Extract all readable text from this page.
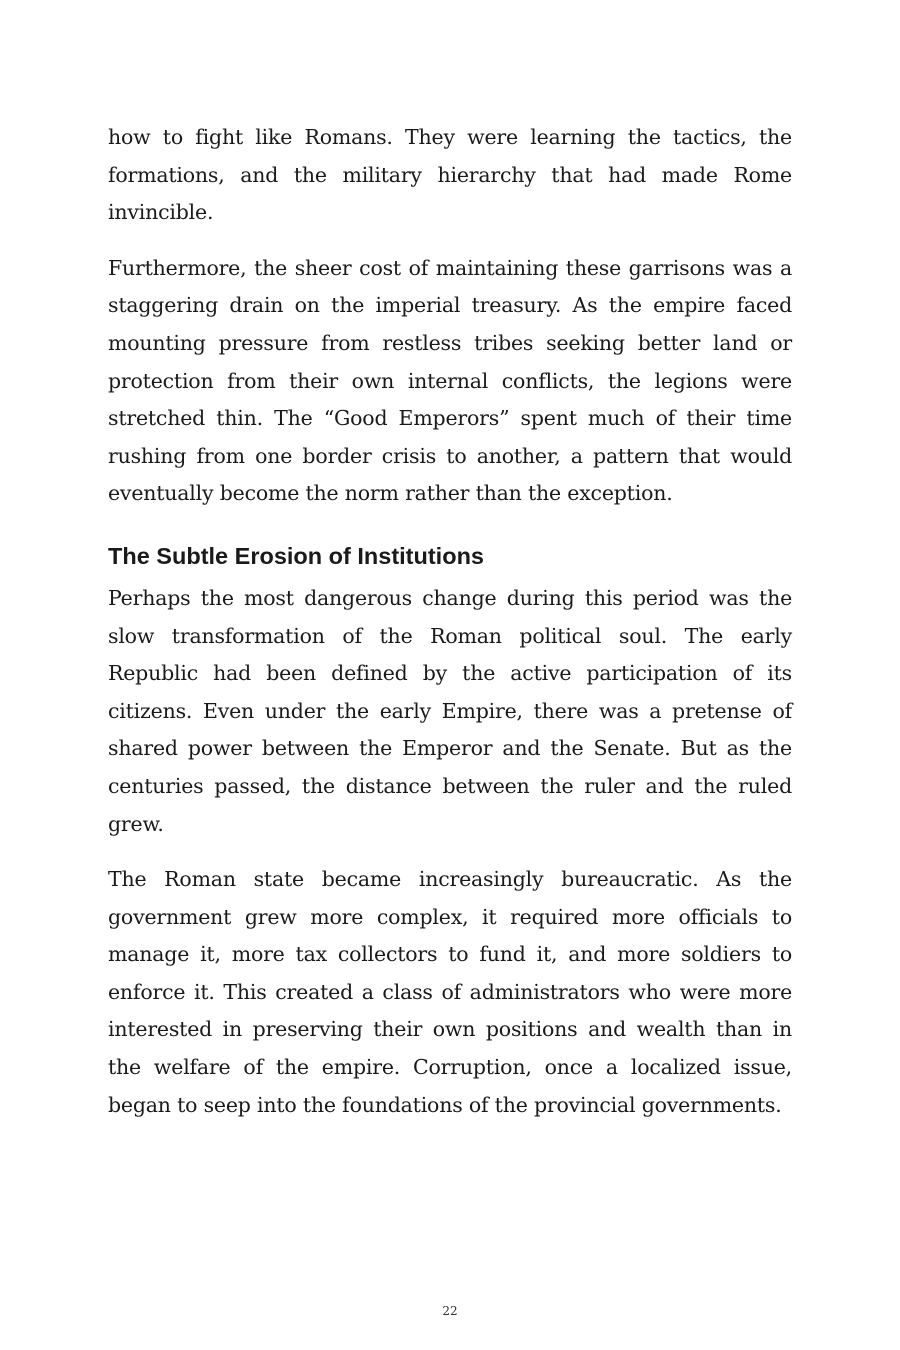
how to fight like Romans. They were learning the tactics, the formations, and the military hierarchy that had made Rome invincible.

Furthermore, the sheer cost of maintaining these garrisons was a staggering drain on the imperial treasury. As the empire faced mounting pressure from restless tribes seeking better land or protection from their own internal conflicts, the legions were stretched thin. The “Good Emperors” spent much of their time rushing from one border crisis to another, a pattern that would eventually become the norm rather than the exception.

The Subtle Erosion of Institutions

Perhaps the most dangerous change during this period was the slow transformation of the Roman political soul. The early Republic had been defined by the active participation of its citizens. Even under the early Empire, there was a pretense of shared power between the Emperor and the Senate. But as the centuries passed, the distance between the ruler and the ruled grew.

The Roman state became increasingly bureaucratic. As the government grew more complex, it required more officials to manage it, more tax collectors to fund it, and more soldiers to enforce it. This created a class of administrators who were more interested in preserving their own positions and wealth than in the welfare of the empire. Corruption, once a localized issue, began to seep into the foundations of the provincial governments.

22
